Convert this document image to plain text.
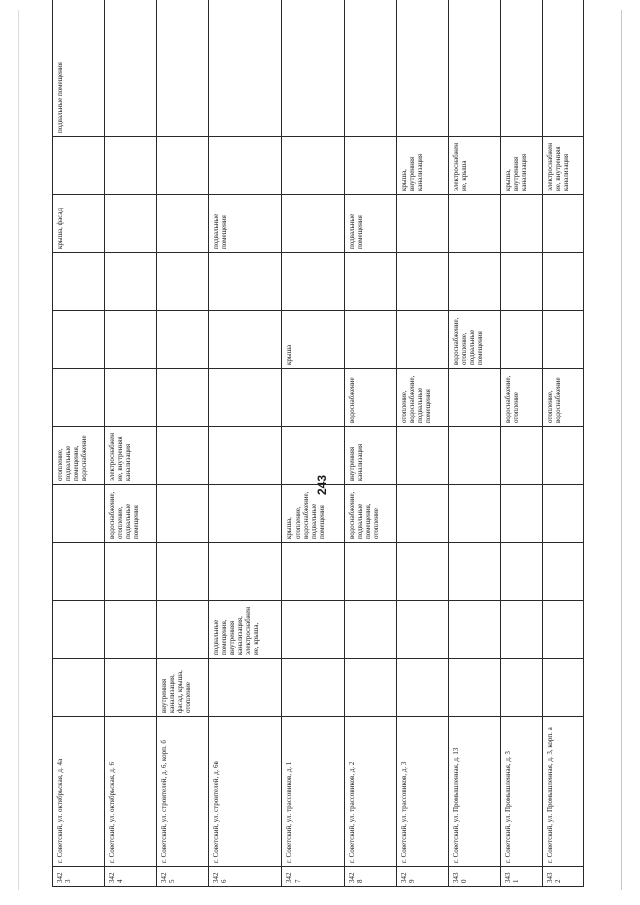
243
3423	г. Советский, ул. октябрьская, д. 4а					отопление, подвальные помещения, водоснабжение				крыша, фасад		подвальные помещения
3424	г. Советский, ул. октябрьская, д. 6				водоснабжение, отопление, подвальные помещения	электроснабжен ие, внутренняя канализация						
3425	г. Советский, ул. строителей, д. 6, корп. б	внутренняя канализация, фасад, крыша, отопление										
3426	г. Советский, ул. строителей, д. 6в		подвальные помещения, внутренняя канализация, электроснабжен ие, крыша,							подвальные помещения		
3427	г. Советский, ул. трассовиков, д. 1				крыша, отопление, водоснабжение, подвальные помещения			крыша				
3428	г. Советский, ул. трассовиков, д. 2				водоснабжение, подвальные помещения, отопление	внутренняя канализация	водоснабжение			подвальные помещения		
3429	г. Советский, ул. трассовиков, д. 3						отопление, водоснабжение, подвальные помещения				крыша, внутренняя канализация	
3430	г. Советский, ул. Промышленная, д. 13							водоснабжение, отопление, подвальные помещения			электроснабжение, крыша	
3431	г. Советский, ул. Промышленная, д. 3						водоснабжение, отопление				крыша, внутренняя канализация	
3432	г. Советский, ул. Промышленная, д. 3, корп. а						отопление, водоснабжение				электроснабжение, внутренняя канализация	
